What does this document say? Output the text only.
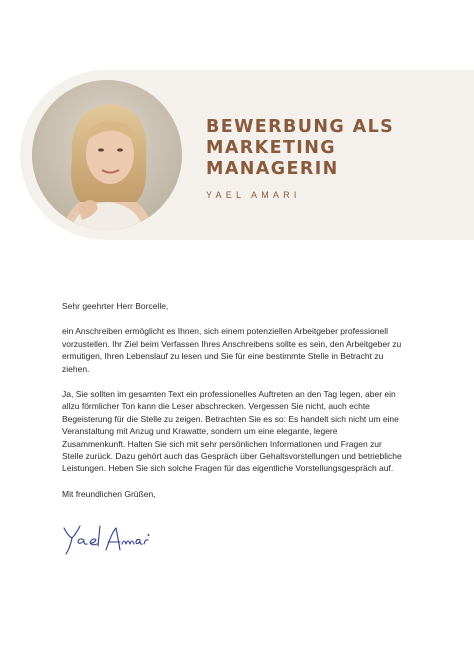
BEWERBUNG ALS
MARKETING
MANAGERIN
YAEL AMARI

Sehr geehrter Herr Borcelle,

ein Anschreiben ermöglicht es Ihnen, sich einem potenziellen Arbeitgeber professionell
vorzustellen. Ihr Ziel beim Verfassen Ihres Anschreibens sollte es sein, den Arbeitgeber zu
ermutigen, Ihren Lebenslauf zu lesen und Sie für eine bestimmte Stelle in Betracht zu
ziehen.

Ja, Sie sollten im gesamten Text ein professionelles Auftreten an den Tag legen, aber ein
allzu förmlicher Ton kann die Leser abschrecken. Vergessen Sie nicht, auch echte
Begeisterung für die Stelle zu zeigen. Betrachten Sie es so: Es handelt sich nicht um eine
Veranstaltung mit Anzug und Krawatte, sondern um eine elegante, legere
Zusammenkunft. Halten Sie sich mit sehr persönlichen Informationen und Fragen zur
Stelle zurück. Dazu gehört auch das Gespräch über Gehaltsvorstellungen und betriebliche
Leistungen. Heben Sie sich solche Fragen für das eigentliche Vorstellungsgespräch auf.

Mit freundlichen Grüßen,
